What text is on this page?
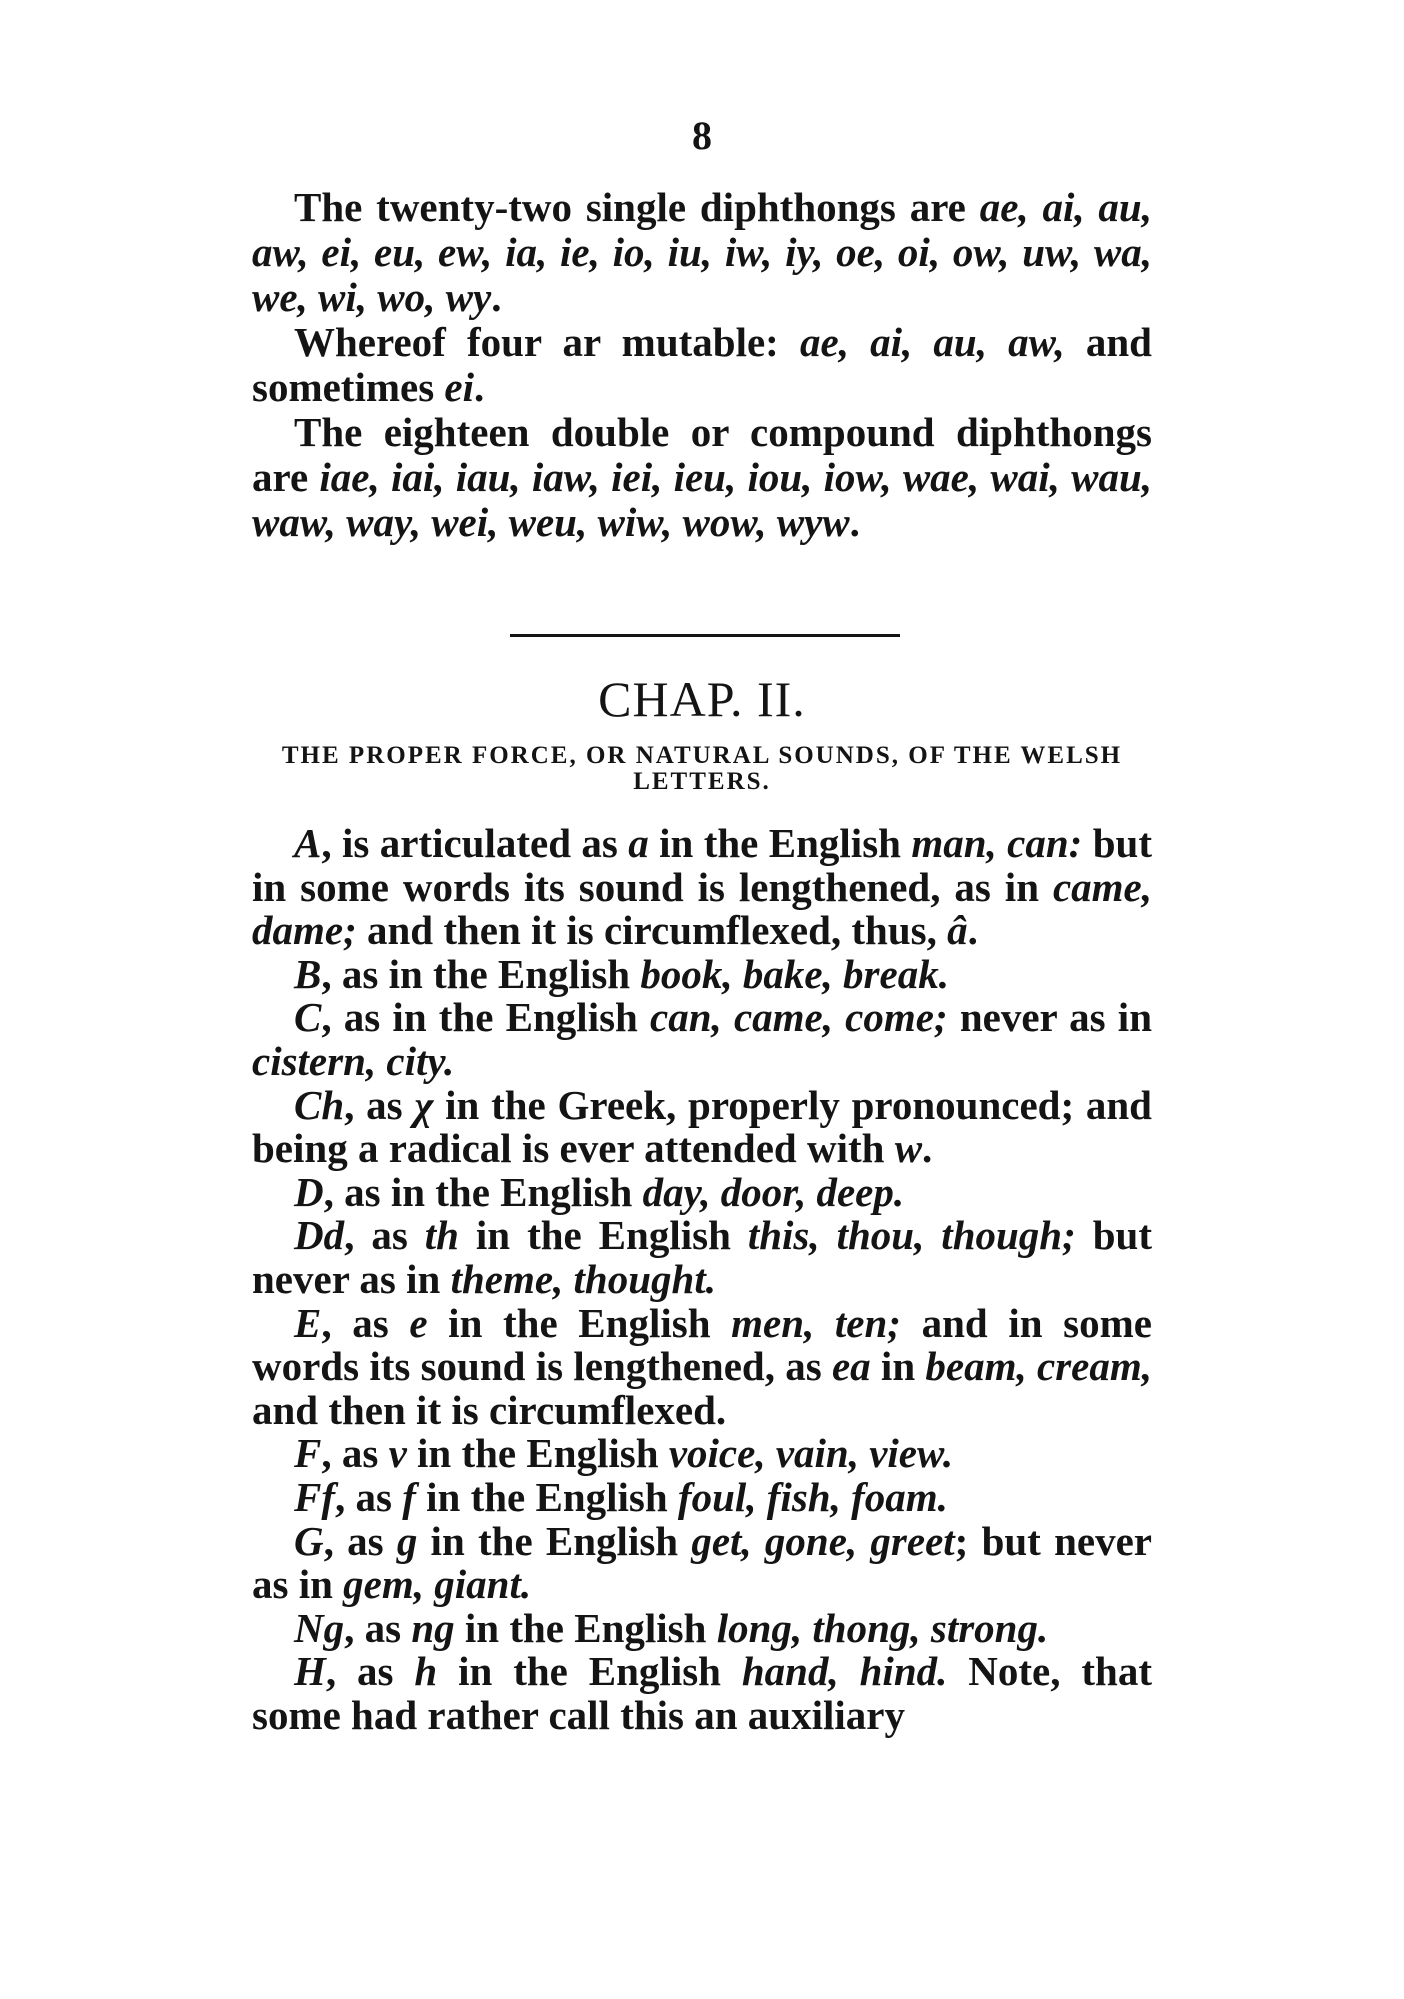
8

The twenty-two single diphthongs are ae, ai, au, aw, ei, eu, ew, ia, ie, io, iu, iw, iy, oe, oi, ow, uw, wa, we, wi, wo, wy.

Whereof four ar mutable: ae, ai, au, aw, and sometimes ei.

The eighteen double or compound diphthongs are iae, iai, iau, iaw, iei, ieu, iou, iow, wae, wai, wau, waw, way, wei, weu, wiw, wow, wyw.

CHAP. II.
THE PROPER FORCE, OR NATURAL SOUNDS, OF THE WELSH LETTERS.

A, is articulated as a in the English man, can: but in some words its sound is lengthened, as in came, dame; and then it is circumflexed, thus, â.

B, as in the English book, bake, break.

C, as in the English can, came, come; never as in cistern, city.

Ch, as χ in the Greek, properly pronounced; and being a radical is ever attended with w.

D, as in the English day, door, deep.

Dd, as th in the English this, thou, though; but never as in theme, thought.

E, as e in the English men, ten; and in some words its sound is lengthened, as ea in beam, cream, and then it is circumflexed.

F, as v in the English voice, vain, view.

Ff, as f in the English foul, fish, foam.

G, as g in the English get, gone, greet; but never as in gem, giant.

Ng, as ng in the English long, thong, strong.

H, as h in the English hand, hind. Note, that some had rather call this an auxiliary
